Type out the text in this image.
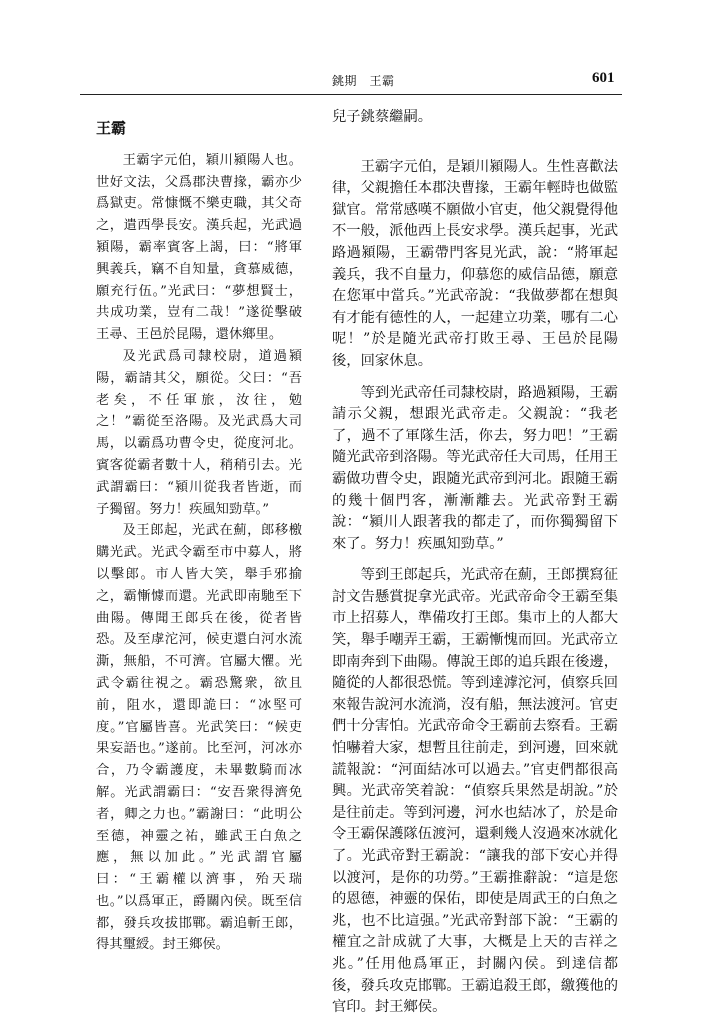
銚期　王霸	601
王霸

王霸字元伯，穎川潁陽人也。世好文法，父爲郡決曹掾，霸亦少爲獄吏。常慷慨不樂吏職，其父奇之，遣西學長安。漢兵起，光武過潁陽，霸率賓客上謁，曰：“將軍興義兵，竊不自知量，貪慕威德，願充行伍。”光武曰：“夢想賢士，共成功業，豈有二哉！”遂從擊破王尋、王邑於昆陽，還休鄉里。

及光武爲司隸校尉，道過潁陽，霸請其父，願從。父曰：“吾老矣，不任軍旅，汝往，勉之！”霸從至洛陽。及光武爲大司馬，以霸爲功曹令史，從度河北。賓客從霸者數十人，稍稍引去。光武謂霸曰：“潁川從我者皆逝，而子獨留。努力！疾風知勁草。”

及王郎起，光武在薊，郎移檄購光武。光武令霸至市中募人，將以擊郎。市人皆大笑，舉手邪揄之，霸慚懅而還。光武即南馳至下曲陽。傳聞王郎兵在後，從者皆恐。及至虖沱河，候吏還白河水流澌，無船，不可濟。官屬大懼。光武令霸往視之。霸恐驚衆，欲且前，阻水，還即詭曰：“冰堅可度。”官屬皆喜。光武笑曰：“候吏果妄語也。”遂前。比至河，河冰亦合，乃令霸護度，未畢數騎而冰解。光武謂霸曰：“安吾衆得濟免者，卿之力也。”霸謝曰：“此明公至德，神靈之祐，雖武王白魚之應，無以加此。”光武謂官屬曰：“王霸權以濟事，殆天瑞也。”以爲軍正，爵關內侯。既至信都，發兵攻拔邯鄲。霸追斬王郎，得其璽綬。封王鄉侯。

兒子銚蔡繼嗣。

王霸字元伯，是穎川潁陽人。生性喜歡法律，父親擔任本郡決曹掾，王霸年輕時也做監獄官。常常感嘆不願做小官吏，他父親覺得他不一般，派他西上長安求學。漢兵起事，光武路過潁陽，王霸帶門客見光武，說：“將軍起義兵，我不自量力，仰慕您的威信品德，願意在您軍中當兵。”光武帝說：“我做夢都在想與有才能有德性的人，一起建立功業，哪有二心呢！”於是隨光武帝打敗王尋、王邑於昆陽後，回家休息。

等到光武帝任司隸校尉，路過潁陽，王霸請示父親，想跟光武帝走。父親說：“我老了，過不了軍隊生活，你去，努力吧！”王霸隨光武帝到洛陽。等光武帝任大司馬，任用王霸做功曹令史，跟隨光武帝到河北。跟隨王霸的幾十個門客，漸漸離去。光武帝對王霸說：“潁川人跟著我的都走了，而你獨獨留下來了。努力！疾風知勁草。”

等到王郎起兵，光武帝在薊，王郎撰寫征討文告懸賞捉拿光武帝。光武帝命令王霸至集市上招募人，準備攻打王郎。集市上的人都大笑，舉手嘲弄王霸，王霸慚愧而回。光武帝立即南奔到下曲陽。傳說王郎的追兵跟在後邊，隨從的人都很恐慌。等到達滹沱河，偵察兵回來報告說河水流淌，沒有船，無法渡河。官吏們十分害怕。光武帝命令王霸前去察看。王霸怕嚇着大家，想暫且往前走，到河邊，回來就謊報說：“河面結冰可以過去。”官吏們都很高興。光武帝笑着說：“偵察兵果然是胡說。”於是往前走。等到河邊，河水也結冰了，於是命令王霸保護隊伍渡河，還剩幾人沒過來冰就化了。光武帝對王霸說：“讓我的部下安心并得以渡河，是你的功勞。”王霸推辭說：“這是您的恩德，神靈的保佑，即使是周武王的白魚之兆，也不比這强。”光武帝對部下說：“王霸的權宜之計成就了大事，大概是上天的吉祥之兆。”任用他爲軍正，封關內侯。到達信都後，發兵攻克邯鄲。王霸追殺王郎，繳獲他的官印。封王鄉侯。
